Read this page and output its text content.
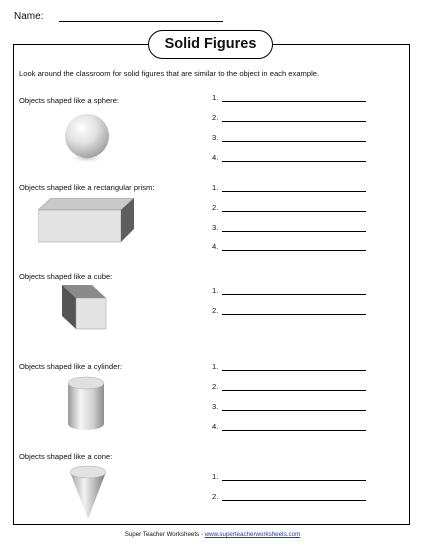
Name:
Solid Figures
Look around the classroom for solid figures that are similar to the object in each example.
Objects shaped like a sphere:	1.
2.
3.
4.
Objects shaped like a rectangular prism:	1.
2.
3.
4.
Objects shaped like a cube:
1.
2.
Objects shaped like a cylinder:	1.
2.
3.
4.
Objects shaped like a cone:
1.
2.
Super Teacher Worksheets - www.superteacherworksheets.com
